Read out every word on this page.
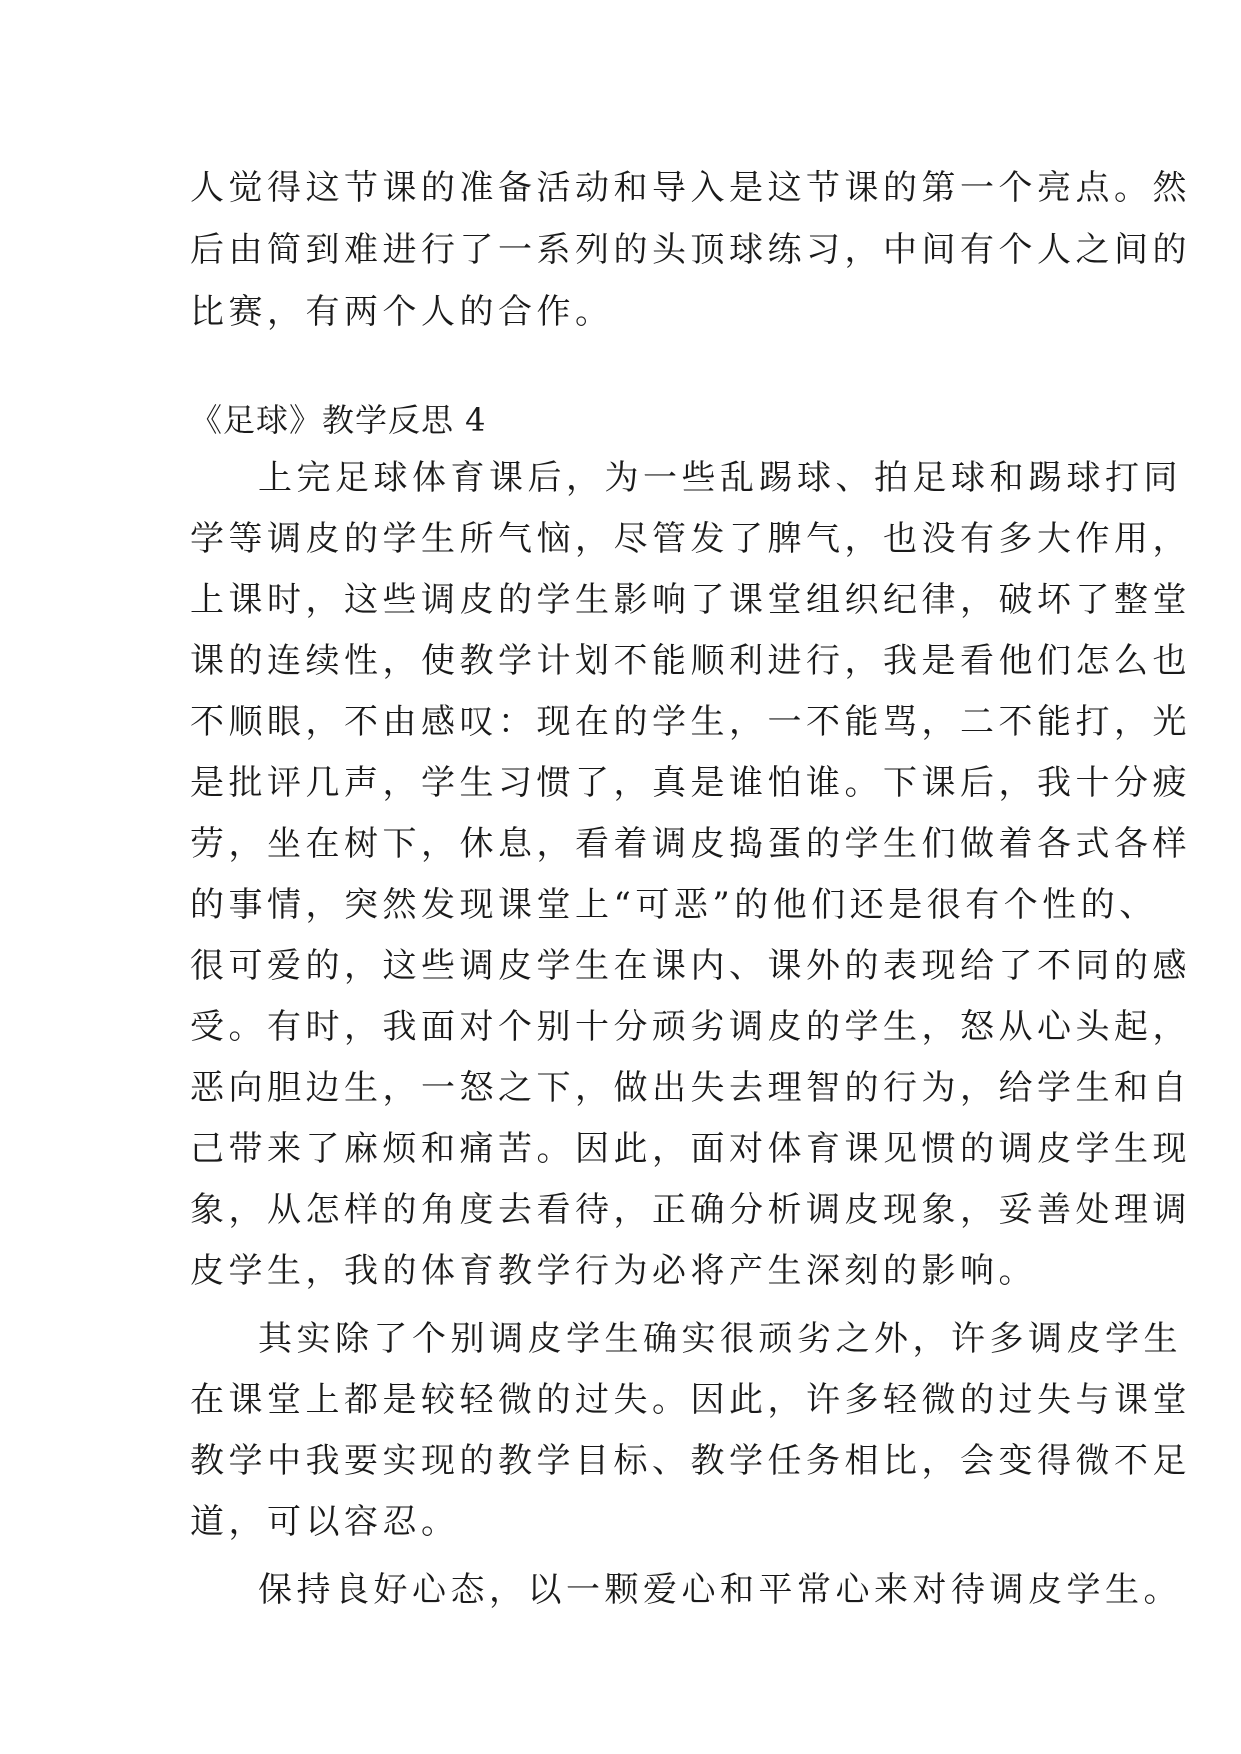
人觉得这节课的准备活动和导入是这节课的第一个亮点。然
后由简到难进行了一系列的头顶球练习，中间有个人之间的
比赛，有两个人的合作。
《足球》教学反思 4
上完足球体育课后，为一些乱踢球、拍足球和踢球打同
学等调皮的学生所气恼，尽管发了脾气，也没有多大作用，
上课时，这些调皮的学生影响了课堂组织纪律，破坏了整堂
课的连续性，使教学计划不能顺利进行，我是看他们怎么也
不顺眼，不由感叹：现在的学生，一不能骂，二不能打，光
是批评几声，学生习惯了，真是谁怕谁。下课后，我十分疲
劳，坐在树下，休息，看着调皮捣蛋的学生们做着各式各样
的事情，突然发现课堂上“可恶”的他们还是很有个性的、
很可爱的，这些调皮学生在课内、课外的表现给了不同的感
受。有时，我面对个别十分顽劣调皮的学生，怒从心头起，
恶向胆边生，一怒之下，做出失去理智的行为，给学生和自
己带来了麻烦和痛苦。因此，面对体育课见惯的调皮学生现
象，从怎样的角度去看待，正确分析调皮现象，妥善处理调
皮学生，我的体育教学行为必将产生深刻的影响。
其实除了个别调皮学生确实很顽劣之外，许多调皮学生
在课堂上都是较轻微的过失。因此，许多轻微的过失与课堂
教学中我要实现的教学目标、教学任务相比，会变得微不足
道，可以容忍。
保持良好心态，以一颗爱心和平常心来对待调皮学生。
